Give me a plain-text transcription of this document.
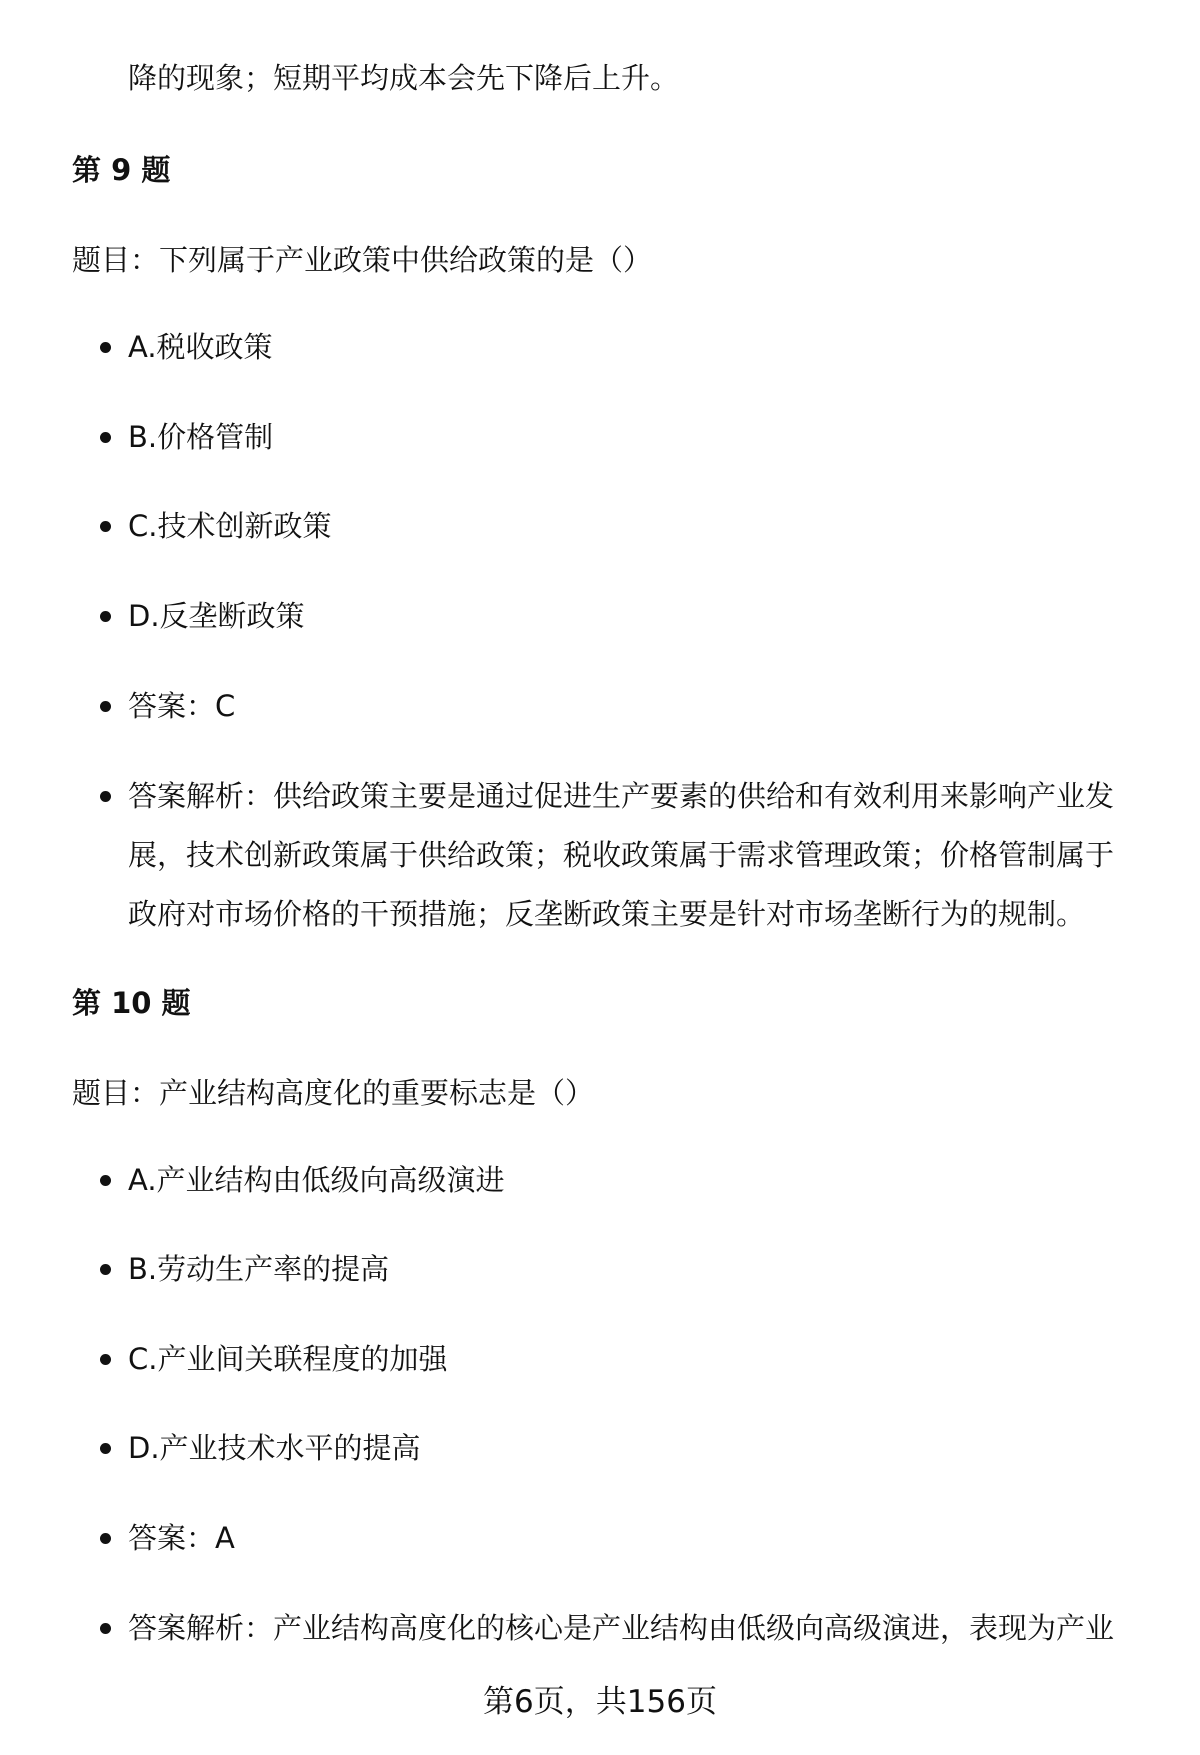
降的现象；短期平均成本会先下降后上升。

第 9 题

题目：下列属于产业政策中供给政策的是（）

A.税收政策
B.价格管制
C.技术创新政策
D.反垄断政策
答案：C
答案解析：供给政策主要是通过促进生产要素的供给和有效利用来影响产业发展，技术创新政策属于供给政策；税收政策属于需求管理政策；价格管制属于政府对市场价格的干预措施；反垄断政策主要是针对市场垄断行为的规制。

第 10 题

题目：产业结构高度化的重要标志是（）

A.产业结构由低级向高级演进
B.劳动生产率的提高
C.产业间关联程度的加强
D.产业技术水平的提高
答案：A
答案解析：产业结构高度化的核心是产业结构由低级向高级演进，表现为产业

第6页，共156页
